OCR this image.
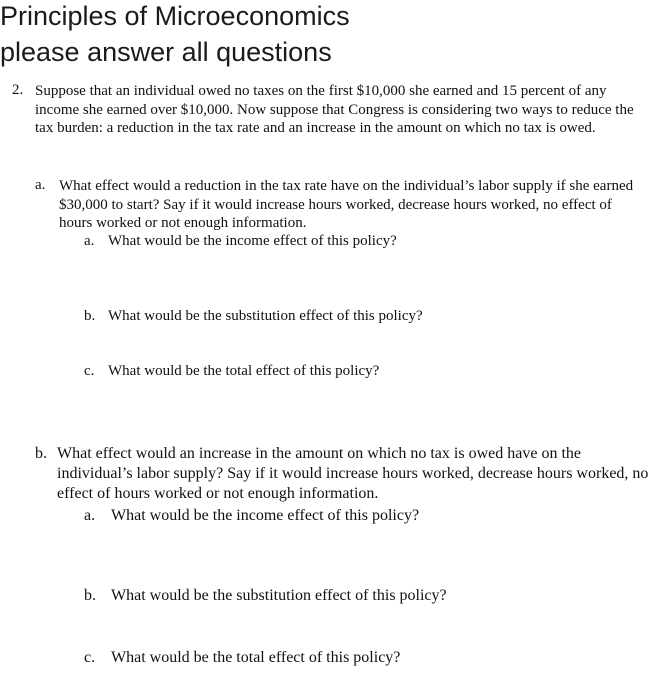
Principles of Microeconomics
please answer all questions
2. Suppose that an individual owed no taxes on the first $10,000 she earned and 15 percent of any income she earned over $10,000. Now suppose that Congress is considering two ways to reduce the tax burden: a reduction in the tax rate and an increase in the amount on which no tax is owed.
a. What effect would a reduction in the tax rate have on the individual’s labor supply if she earned $30,000 to start? Say if it would increase hours worked, decrease hours worked, no effect of hours worked or not enough information.
a. What would be the income effect of this policy?
b. What would be the substitution effect of this policy?
c. What would be the total effect of this policy?
b. What effect would an increase in the amount on which no tax is owed have on the individual’s labor supply? Say if it would increase hours worked, decrease hours worked, no effect of hours worked or not enough information.
a. What would be the income effect of this policy?
b. What would be the substitution effect of this policy?
c. What would be the total effect of this policy?
